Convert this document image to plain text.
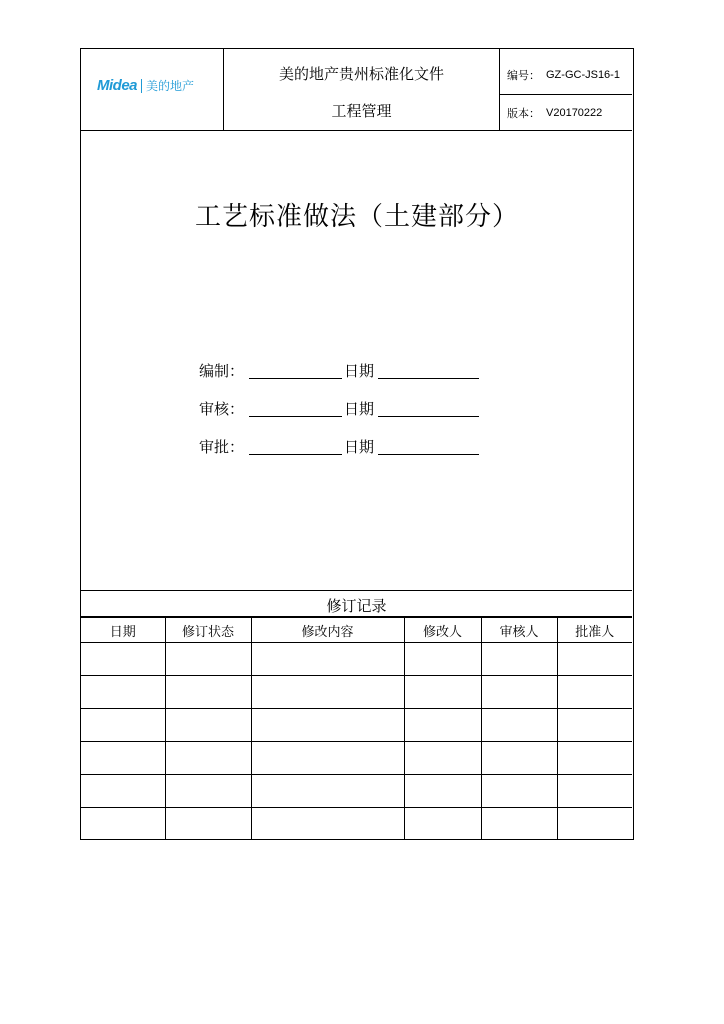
Midea 美的地产
美的地产贵州标准化文件
工程管理
编号： GZ-GC-JS16-1
版本： V20170222
工艺标准做法（土建部分）
编制：	日期
审核：	日期
审批：	日期
修订记录
日期	修订状态	修改内容	修改人	审核人	批准人
